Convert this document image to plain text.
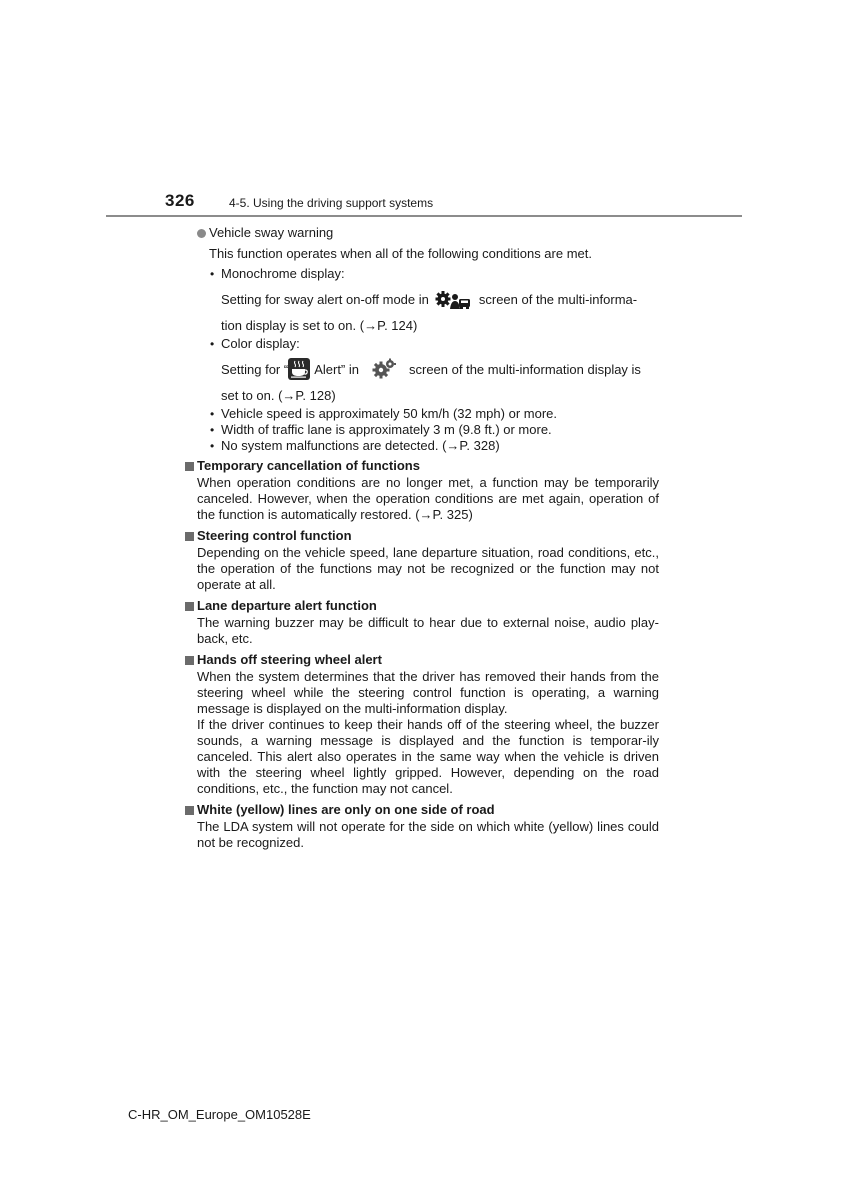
326	4-5. Using the driving support systems
Vehicle sway warning

This function operates when all of the following conditions are met.

• Monochrome display:

Setting for sway alert on-off mode in	screen of the multi-informa-
tion display is set to on. (→P. 124)

• Color display:

Setting for “ Alert” in	screen of the multi-information display is
set to on. (→P. 128)

• Vehicle speed is approximately 50 km/h (32 mph) or more.

• Width of traffic lane is approximately 3 m (9.8 ft.) or more.

• No system malfunctions are detected. (→P. 328)

Temporary cancellation of functions

When operation conditions are no longer met, a function may be temporarily canceled. However, when the operation conditions are met again, operation of the function is automatically restored. (→P. 325)

Steering control function

Depending on the vehicle speed, lane departure situation, road conditions, etc., the operation of the functions may not be recognized or the function may not operate at all.

Lane departure alert function

The warning buzzer may be difficult to hear due to external noise, audio play-back, etc.

Hands off steering wheel alert

When the system determines that the driver has removed their hands from the steering wheel while the steering control function is operating, a warning message is displayed on the multi-information display.

If the driver continues to keep their hands off of the steering wheel, the buzzer sounds, a warning message is displayed and the function is temporar-ily canceled. This alert also operates in the same way when the vehicle is driven with the steering wheel lightly gripped. However, depending on the road conditions, etc., the function may not cancel.

White (yellow) lines are only on one side of road

The LDA system will not operate for the side on which white (yellow) lines could not be recognized.

C-HR_OM_Europe_OM10528E
